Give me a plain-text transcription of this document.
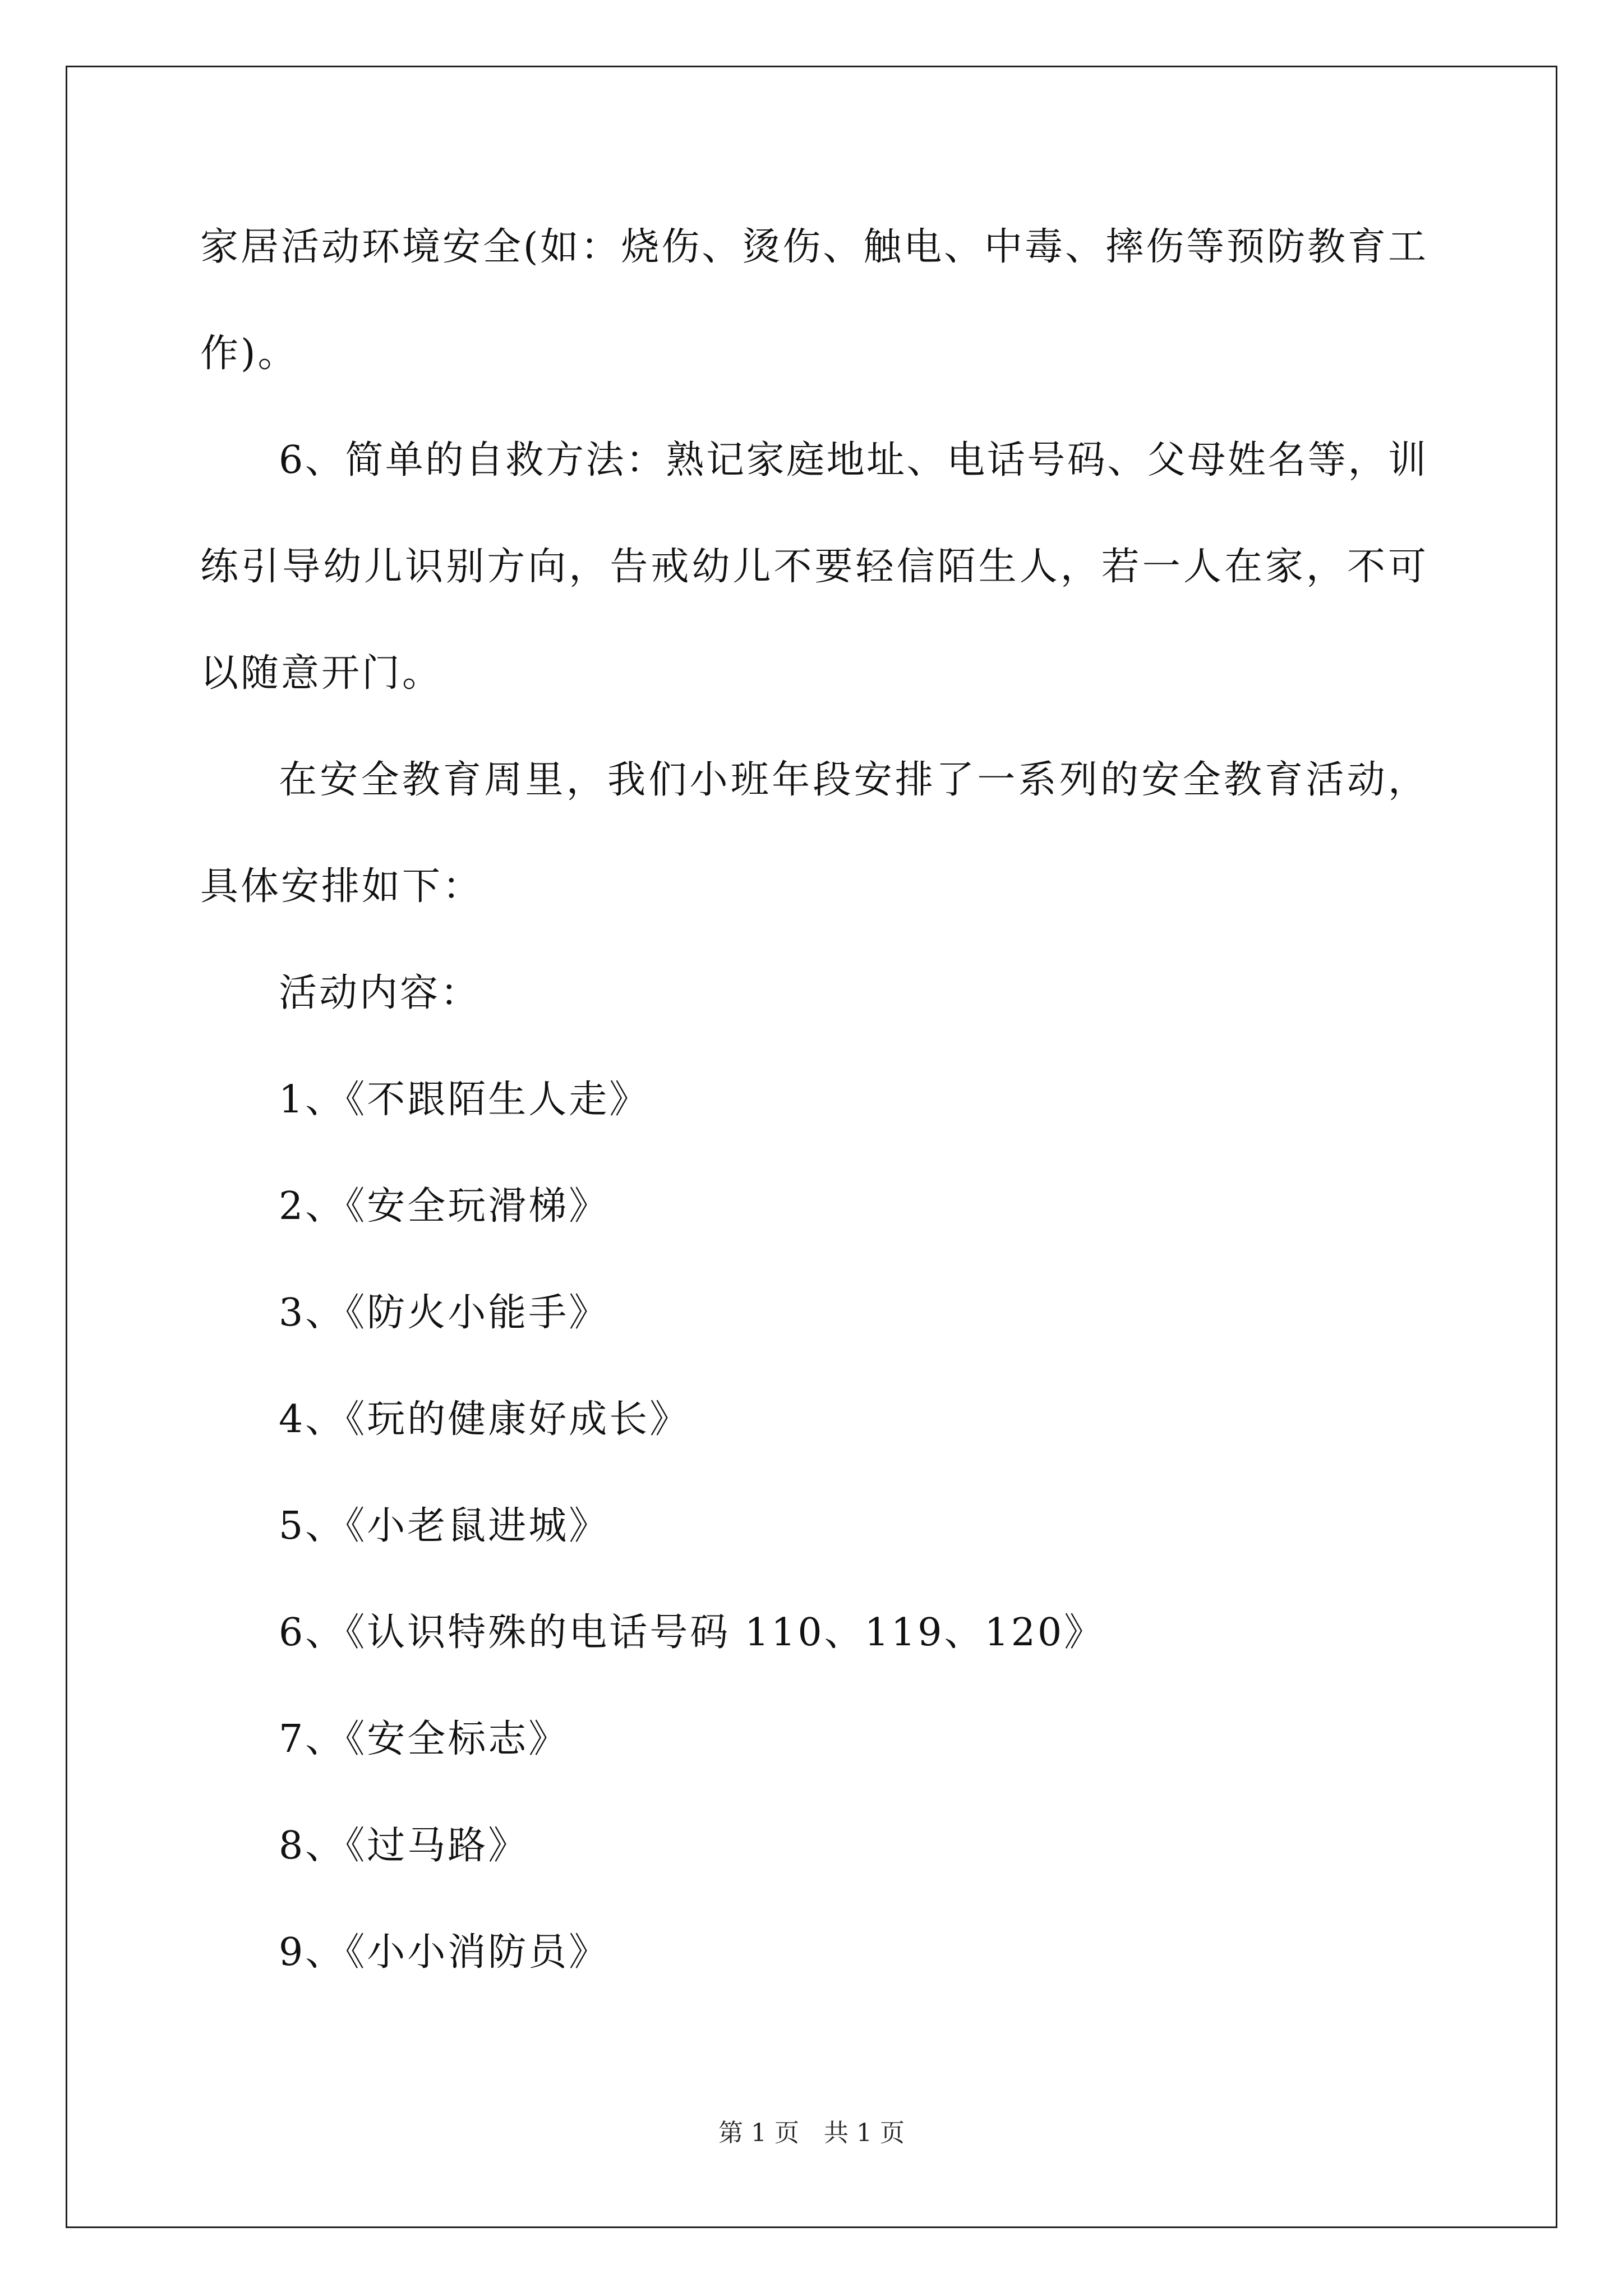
家居活动环境安全(如：烧伤、烫伤、触电、中毒、摔伤等预防教育工
作)。
6、简单的自救方法：熟记家庭地址、电话号码、父母姓名等，训
练引导幼儿识别方向，告戒幼儿不要轻信陌生人，若一人在家，不可
以随意开门。
在安全教育周里，我们小班年段安排了一系列的安全教育活动，
具体安排如下：
活动内容：
1、《不跟陌生人走》
2、《安全玩滑梯》
3、《防火小能手》
4、《玩的健康好成长》
5、《小老鼠进城》
6、《认识特殊的电话号码 110、119、120》
7、《安全标志》
8、《过马路》
9、《小小消防员》
第 1 页　共 1 页
